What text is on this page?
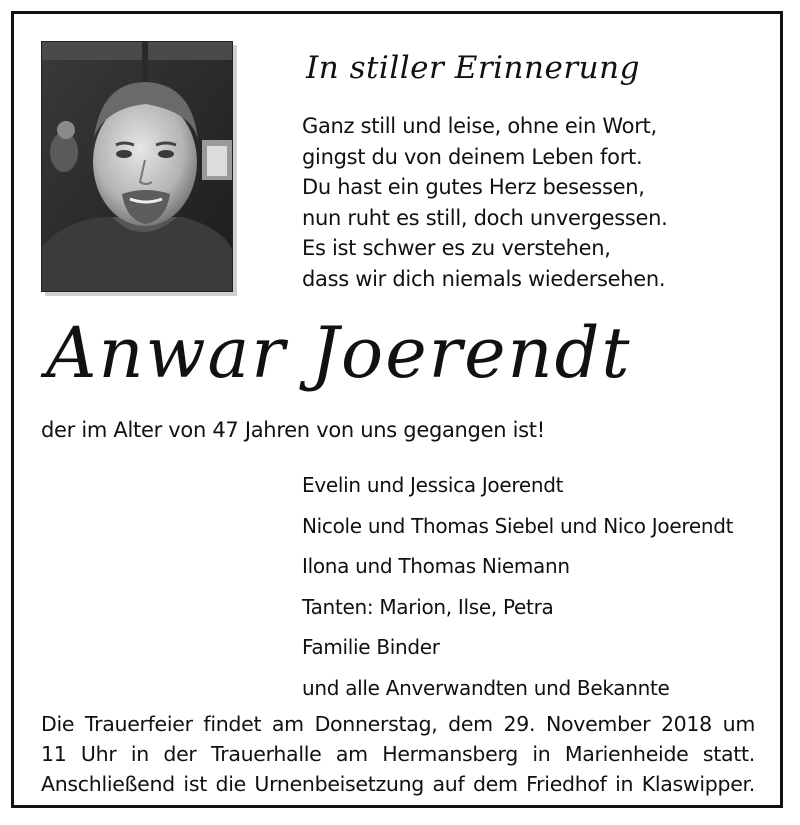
In stiller Erinnerung
Ganz still und leise, ohne ein Wort,
gingst du von deinem Leben fort.
Du hast ein gutes Herz besessen,
nun ruht es still, doch unvergessen.
Es ist schwer es zu verstehen,
dass wir dich niemals wiedersehen.
Anwar Joerendt
der im Alter von 47 Jahren von uns gegangen ist!
Evelin und Jessica Joerendt
Nicole und Thomas Siebel und Nico Joerendt
Ilona und Thomas Niemann
Tanten: Marion, Ilse, Petra
Familie Binder
und alle Anverwandten und Bekannte
Die Trauerfeier findet am Donnerstag, dem 29. November 2018 um
11 Uhr in der Trauerhalle am Hermansberg in Marienheide statt.
Anschließend ist die Urnenbeisetzung auf dem Friedhof in Klaswipper.
